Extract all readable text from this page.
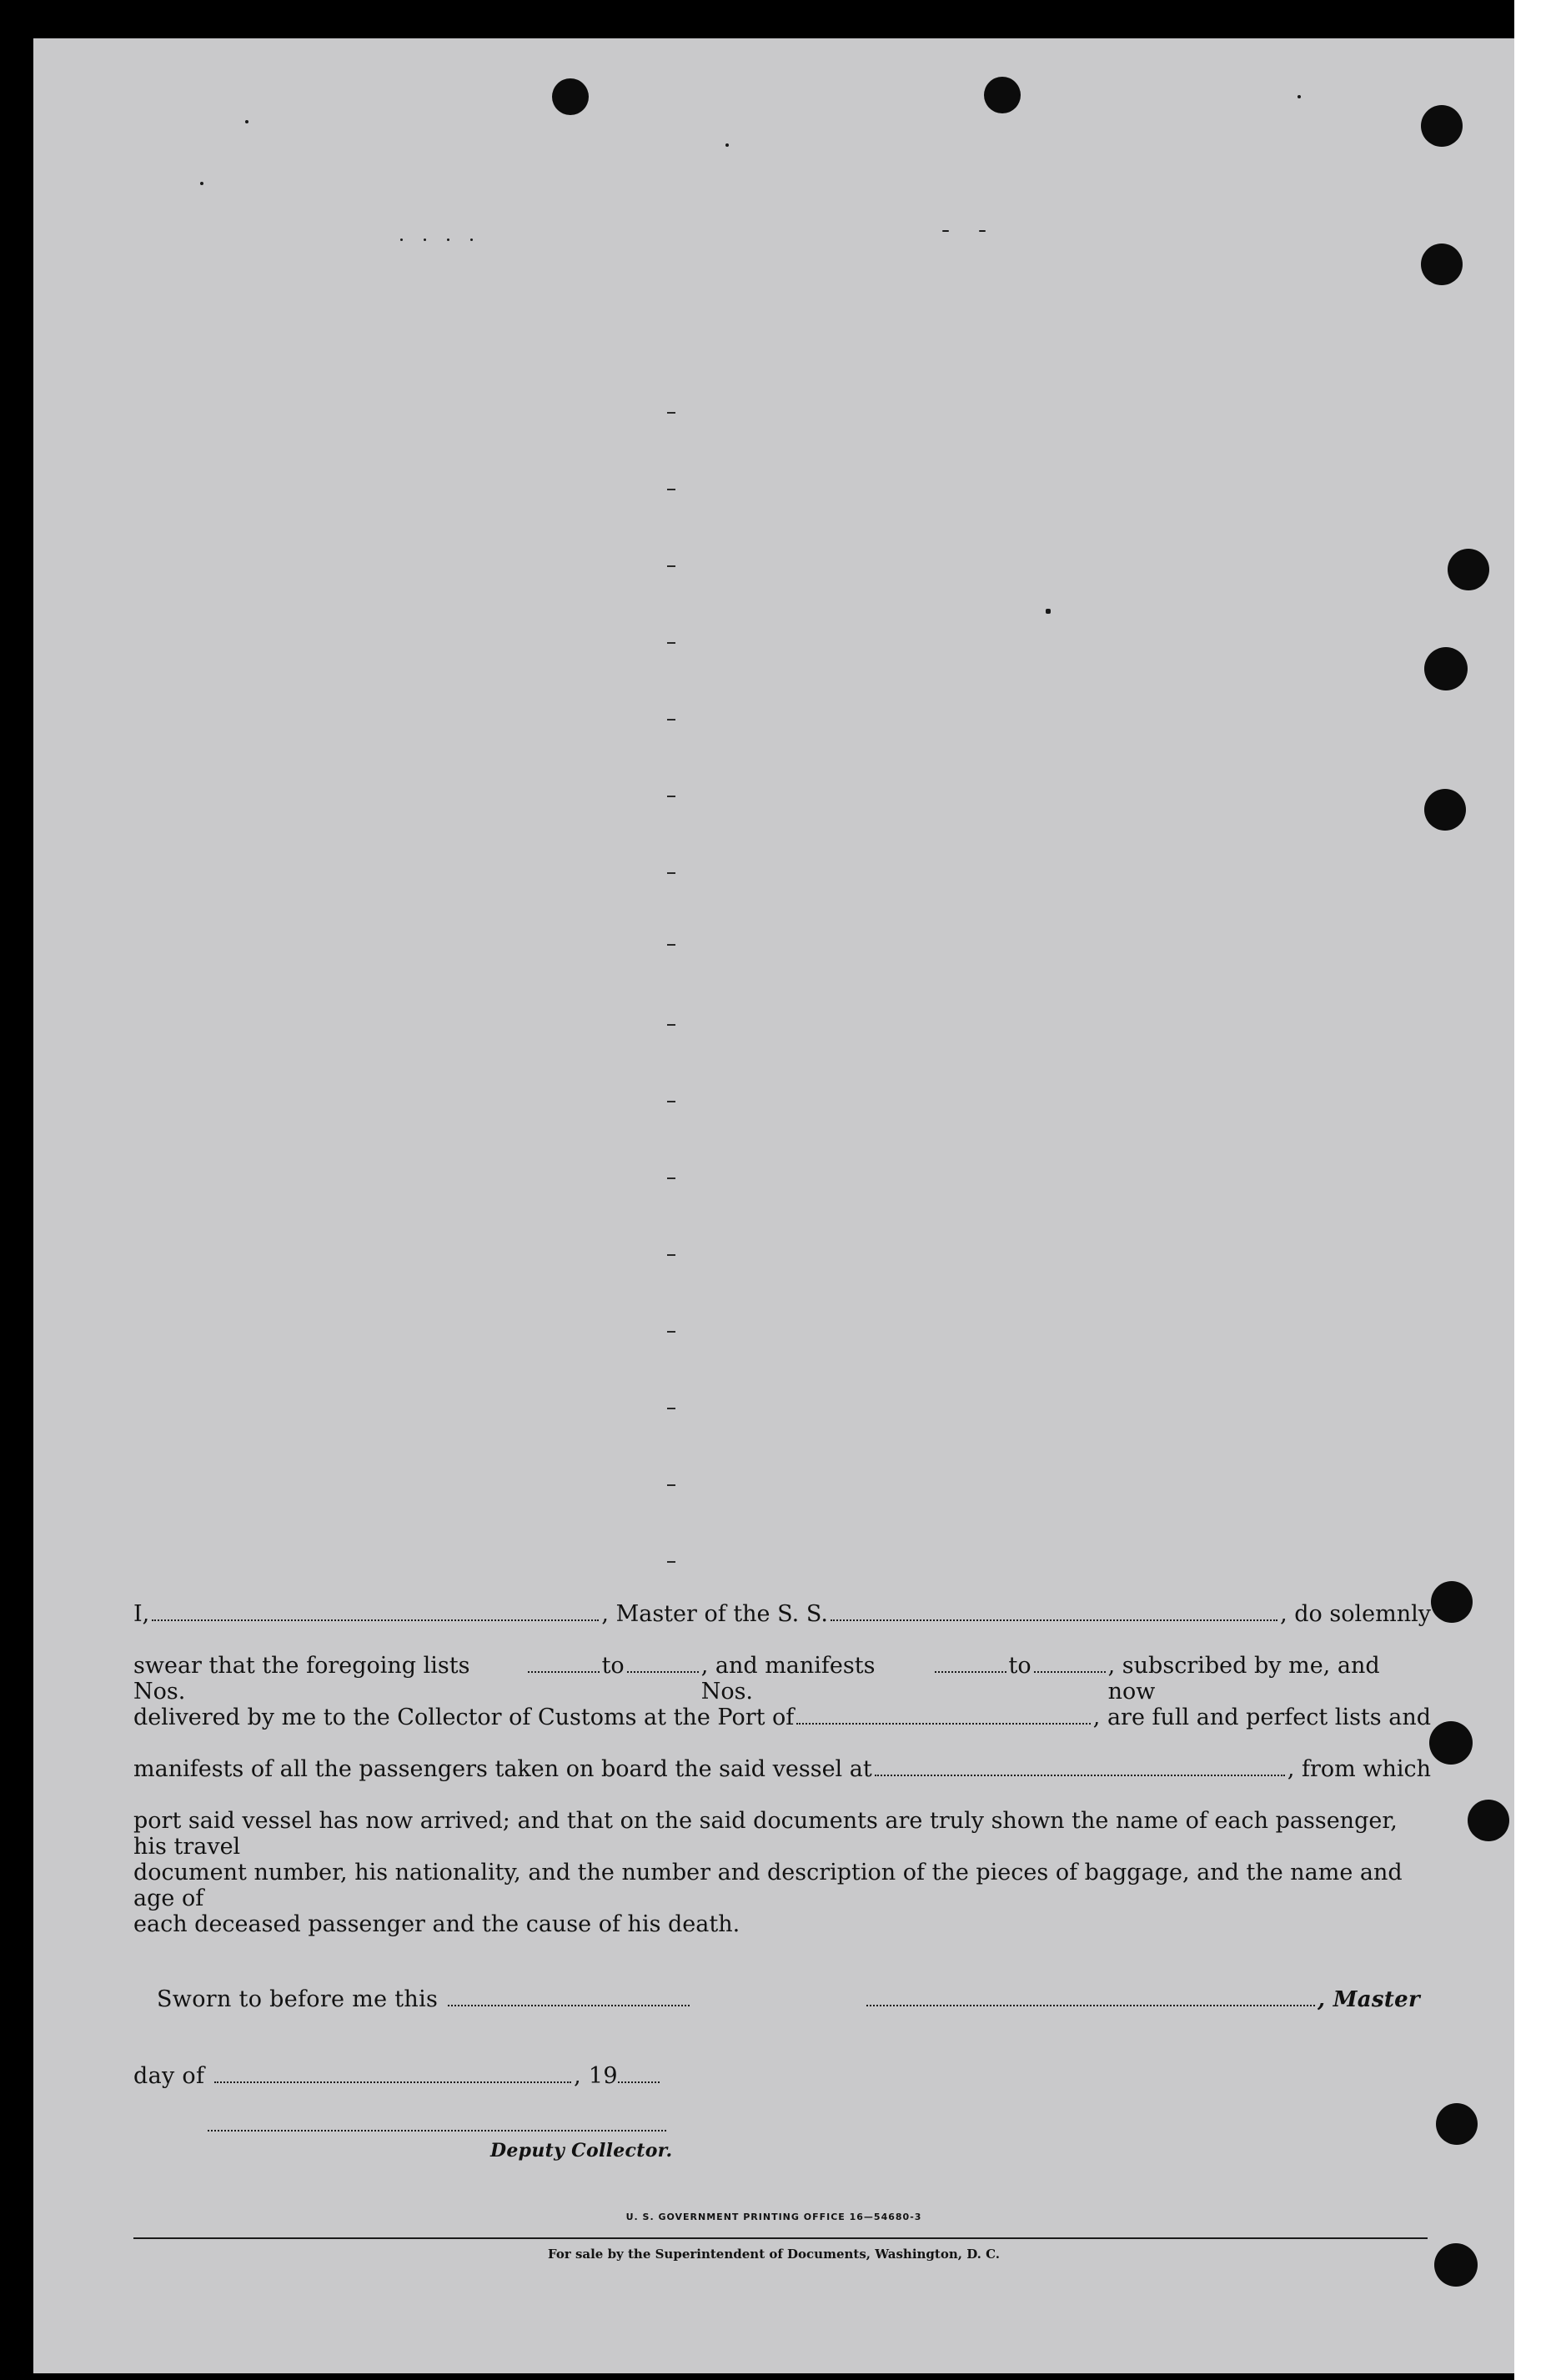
I,	, Master of the S. S.	, do solemnly
swear that the foregoing lists Nos.
to	, and manifests Nos.
to	, subscribed by me, and now
delivered by me to the Collector of Customs at the Port of	, are full and perfect lists and
manifests of all the passengers taken on board the said vessel at	, from which
port said vessel has now arrived; and that on the said documents are truly shown the name of each passenger, his travel
document number, his nationality, and the number and description of the pieces of baggage, and the name and age of
each deceased passenger and the cause of his death.
Sworn to before me this	, Master
day of	, 19
Deputy Collector.
U. S. GOVERNMENT PRINTING OFFICE 16—54680-3
For sale by the Superintendent of Documents, Washington, D. C.
